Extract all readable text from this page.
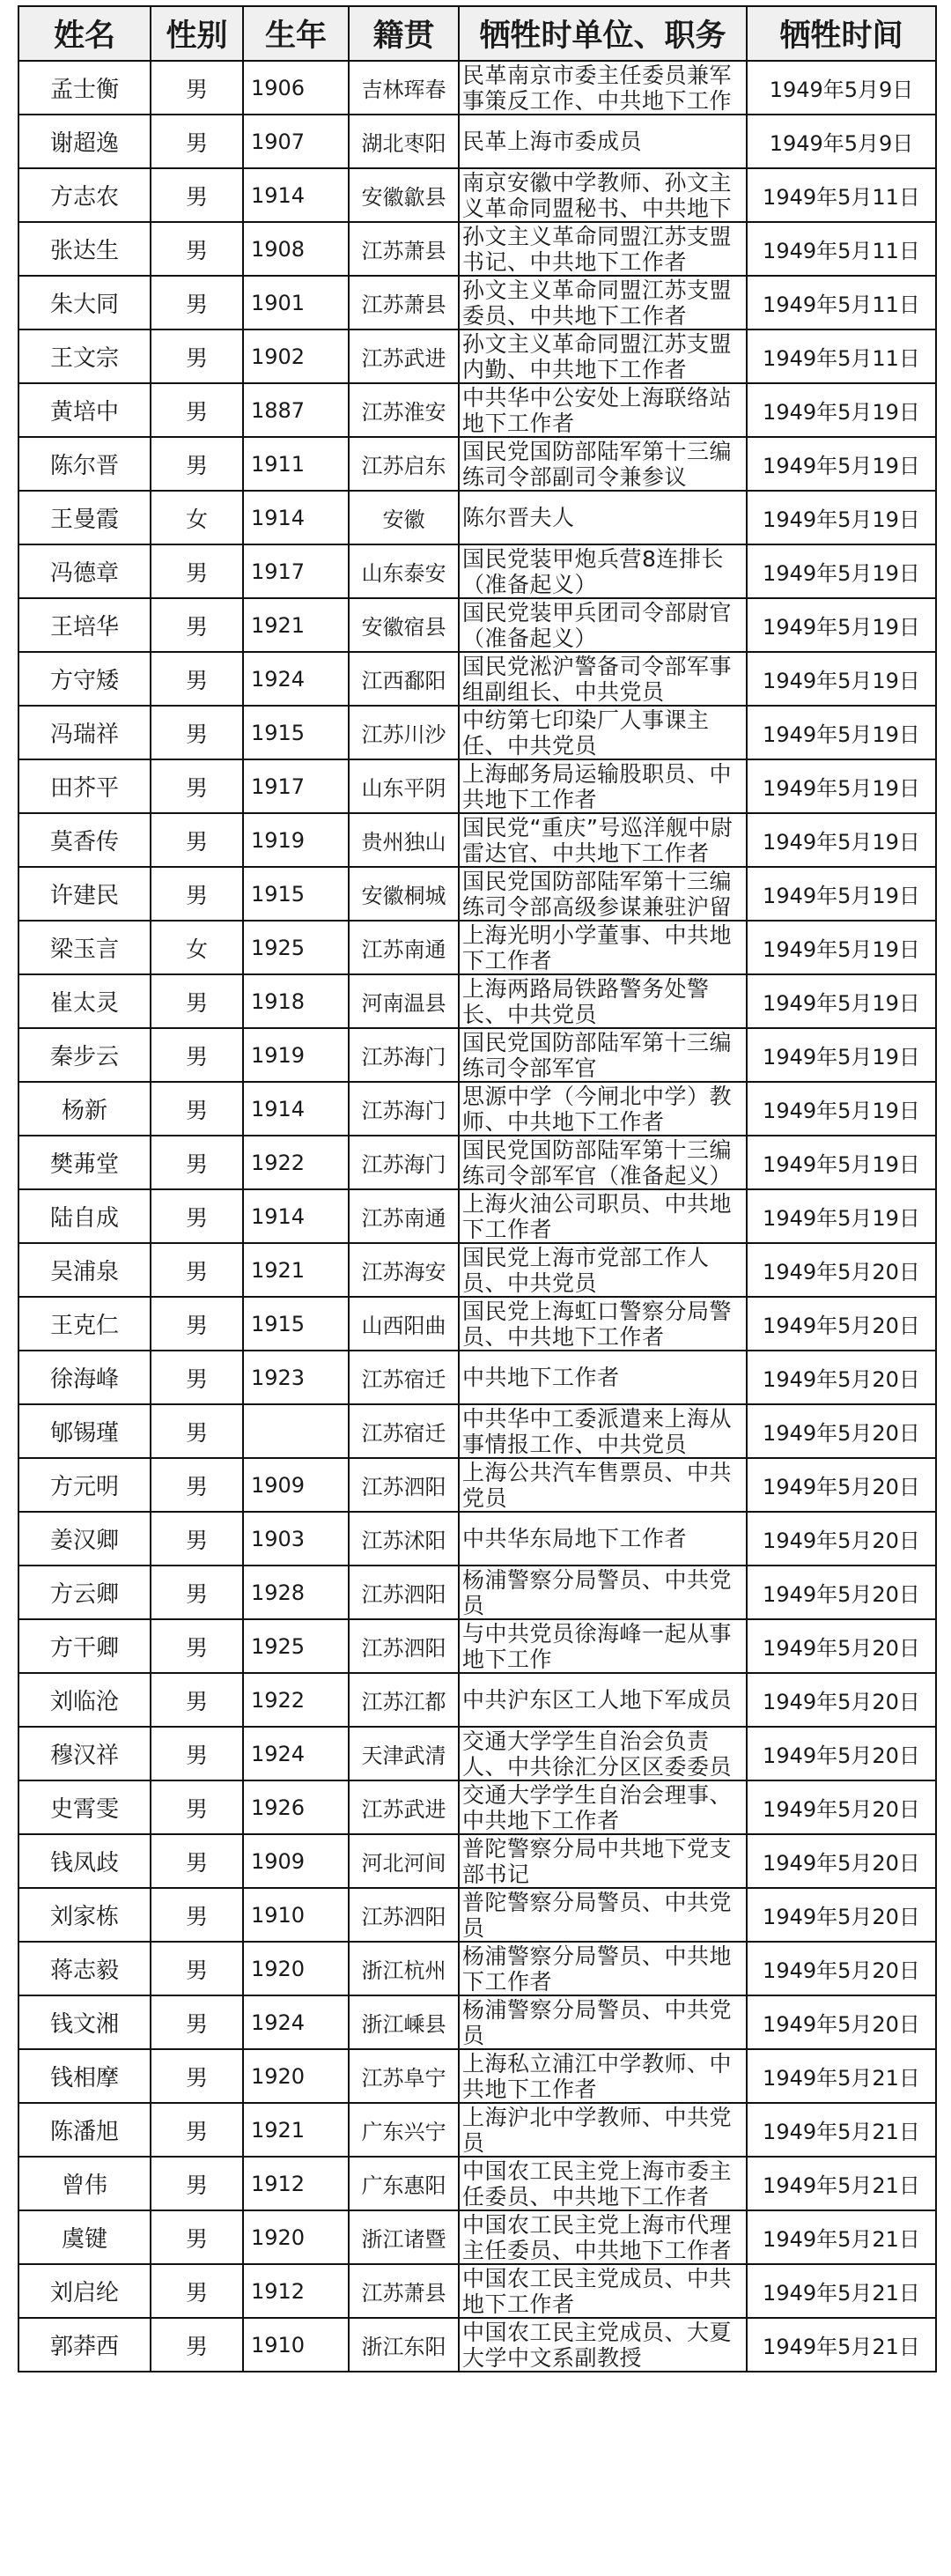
姓名	性别	生年	籍贯	牺牲时单位、职务	牺牲时间
孟士衡	男	1906	吉林珲春	民革南京市委主任委员兼军事策反工作、中共地下工作	1949年5月9日
谢超逸	男	1907	湖北枣阳	民革上海市委成员	1949年5月9日
方志农	男	1914	安徽歙县	南京安徽中学教师、孙文主义革命同盟秘书、中共地下	1949年5月11日
张达生	男	1908	江苏萧县	孙文主义革命同盟江苏支盟书记、中共地下工作者	1949年5月11日
朱大同	男	1901	江苏萧县	孙文主义革命同盟江苏支盟委员、中共地下工作者	1949年5月11日
王文宗	男	1902	江苏武进	孙文主义革命同盟江苏支盟内勤、中共地下工作者	1949年5月11日
黄培中	男	1887	江苏淮安	中共华中公安处上海联络站地下工作者	1949年5月19日
陈尔晋	男	1911	江苏启东	国民党国防部陆军第十三编练司令部副司令兼参议	1949年5月19日
王曼霞	女	1914	安徽	陈尔晋夫人	1949年5月19日
冯德章	男	1917	山东泰安	国民党装甲炮兵营8连排长（准备起义）	1949年5月19日
王培华	男	1921	安徽宿县	国民党装甲兵团司令部尉官（准备起义）	1949年5月19日
方守矮	男	1924	江西鄱阳	国民党淞沪警备司令部军事组副组长、中共党员	1949年5月19日
冯瑞祥	男	1915	江苏川沙	中纺第七印染厂人事课主任、中共党员	1949年5月19日
田芥平	男	1917	山东平阴	上海邮务局运输股职员、中共地下工作者	1949年5月19日
莫香传	男	1919	贵州独山	国民党“重庆”号巡洋舰中尉雷达官、中共地下工作者	1949年5月19日
许建民	男	1915	安徽桐城	国民党国防部陆军第十三编练司令部高级参谋兼驻沪留	1949年5月19日
梁玉言	女	1925	江苏南通	上海光明小学董事、中共地下工作者	1949年5月19日
崔太灵	男	1918	河南温县	上海两路局铁路警务处警长、中共党员	1949年5月19日
秦步云	男	1919	江苏海门	国民党国防部陆军第十三编练司令部军官	1949年5月19日
杨新	男	1914	江苏海门	思源中学（今闸北中学）教师、中共地下工作者	1949年5月19日
樊茀堂	男	1922	江苏海门	国民党国防部陆军第十三编练司令部军官（准备起义）	1949年5月19日
陆自成	男	1914	江苏南通	上海火油公司职员、中共地下工作者	1949年5月19日
吴浦泉	男	1921	江苏海安	国民党上海市党部工作人员、中共党员	1949年5月20日
王克仁	男	1915	山西阳曲	国民党上海虹口警察分局警员、中共地下工作者	1949年5月20日
徐海峰	男	1923	江苏宿迁	中共地下工作者	1949年5月20日
郇锡瑾	男		江苏宿迁	中共华中工委派遣来上海从事情报工作、中共党员	1949年5月20日
方元明	男	1909	江苏泗阳	上海公共汽车售票员、中共党员	1949年5月20日
姜汉卿	男	1903	江苏沭阳	中共华东局地下工作者	1949年5月20日
方云卿	男	1928	江苏泗阳	杨浦警察分局警员、中共党员	1949年5月20日
方干卿	男	1925	江苏泗阳	与中共党员徐海峰一起从事地下工作	1949年5月20日
刘临沧	男	1922	江苏江都	中共沪东区工人地下军成员	1949年5月20日
穆汉祥	男	1924	天津武清	交通大学学生自治会负责人、中共徐汇分区区委委员	1949年5月20日
史霄雯	男	1926	江苏武进	交通大学学生自治会理事、中共地下工作者	1949年5月20日
钱凤歧	男	1909	河北河间	普陀警察分局中共地下党支部书记	1949年5月20日
刘家栋	男	1910	江苏泗阳	普陀警察分局警员、中共党员	1949年5月20日
蒋志毅	男	1920	浙江杭州	杨浦警察分局警员、中共地下工作者	1949年5月20日
钱文湘	男	1924	浙江嵊县	杨浦警察分局警员、中共党员	1949年5月20日
钱相摩	男	1920	江苏阜宁	上海私立浦江中学教师、中共地下工作者	1949年5月21日
陈潘旭	男	1921	广东兴宁	上海沪北中学教师、中共党员	1949年5月21日
曾伟	男	1912	广东惠阳	中国农工民主党上海市委主任委员、中共地下工作者	1949年5月21日
虞键	男	1920	浙江诸暨	中国农工民主党上海市代理主任委员、中共地下工作者	1949年5月21日
刘启纶	男	1912	江苏萧县	中国农工民主党成员、中共地下工作者	1949年5月21日
郭莽西	男	1910	浙江东阳	中国农工民主党成员、大夏大学中文系副教授	1949年5月21日
